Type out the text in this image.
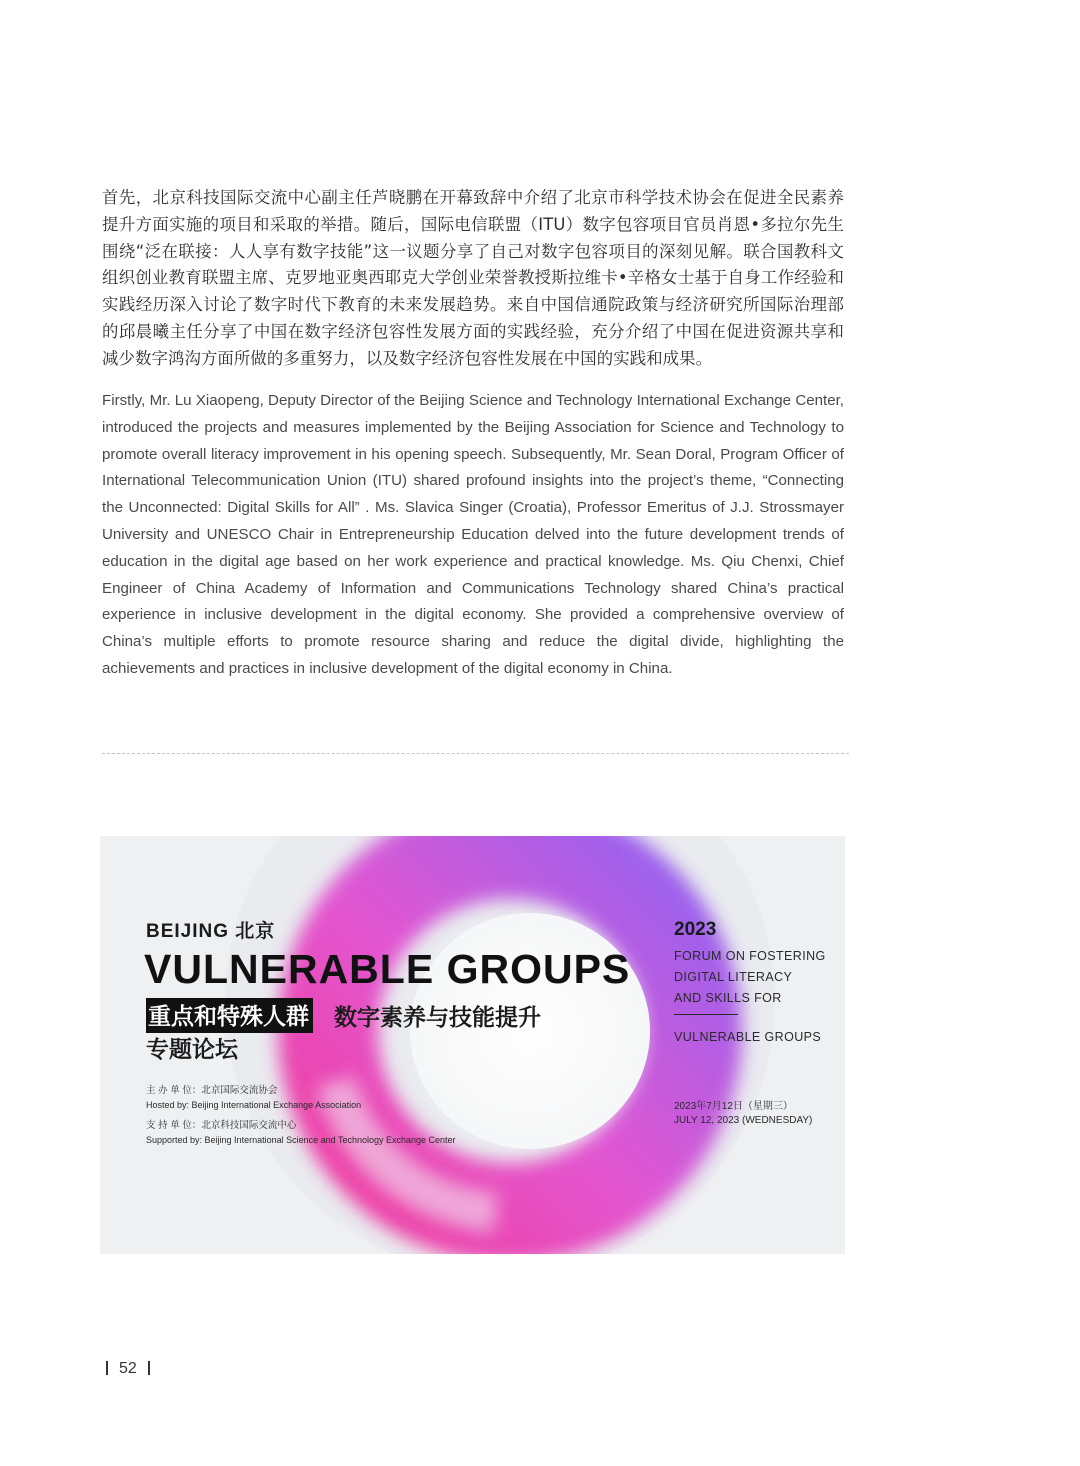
首先，北京科技国际交流中心副主任芦晓鹏在开幕致辞中介绍了北京市科学技术协会在促进全民素养提升方面实施的项目和采取的举措。随后，国际电信联盟（ITU）数字包容项目官员肖恩•多拉尔先生围绕“泛在联接：人人享有数字技能”这一议题分享了自己对数字包容项目的深刻见解。联合国教科文组织创业教育联盟主席、克罗地亚奥西耶克大学创业荣誉教授斯拉维卡•辛格女士基于自身工作经验和实践经历深入讨论了数字时代下教育的未来发展趋势。来自中国信通院政策与经济研究所国际治理部的邱晨曦主任分享了中国在数字经济包容性发展方面的实践经验，充分介绍了中国在促进资源共享和减少数字鸿沟方面所做的多重努力，以及数字经济包容性发展在中国的实践和成果。

Firstly, Mr. Lu Xiaopeng, Deputy Director of the Beijing Science and Technology International Exchange Center, introduced the projects and measures implemented by the Beijing Association for Science and Technology to promote overall literacy improvement in his opening speech. Subsequently, Mr. Sean Doral, Program Officer of International Telecommunication Union (ITU) shared profound insights into the project’s theme, “Connecting the Unconnected: Digital Skills for All” . Ms. Slavica Singer (Croatia), Professor Emeritus of J.J. Strossmayer University and UNESCO Chair in Entrepreneurship Education delved into the future development trends of education in the digital age based on her work experience and practical knowledge. Ms. Qiu Chenxi, Chief Engineer of China Academy of Information and Communications Technology shared China’s practical experience in inclusive development in the digital economy. She provided a comprehensive overview of China’s multiple efforts to promote resource sharing and reduce the digital divide, highlighting the achievements and practices in inclusive development of the digital economy in China.

BEIJING 北京
VULNERABLE GROUPS
重点和特殊人群 数字素养与技能提升
专题论坛
主 办 单 位：北京国际交流协会
Hosted by: Beijing International Exchange Association
支 持 单 位：北京科技国际交流中心
Supported by: Beijing International Science and Technology Exchange Center
2023
FORUM ON FOSTERING
DIGITAL LITERACY
AND SKILLS FOR
VULNERABLE GROUPS
2023年7月12日（星期三）
JULY 12, 2023 (WEDNESDAY)
52
